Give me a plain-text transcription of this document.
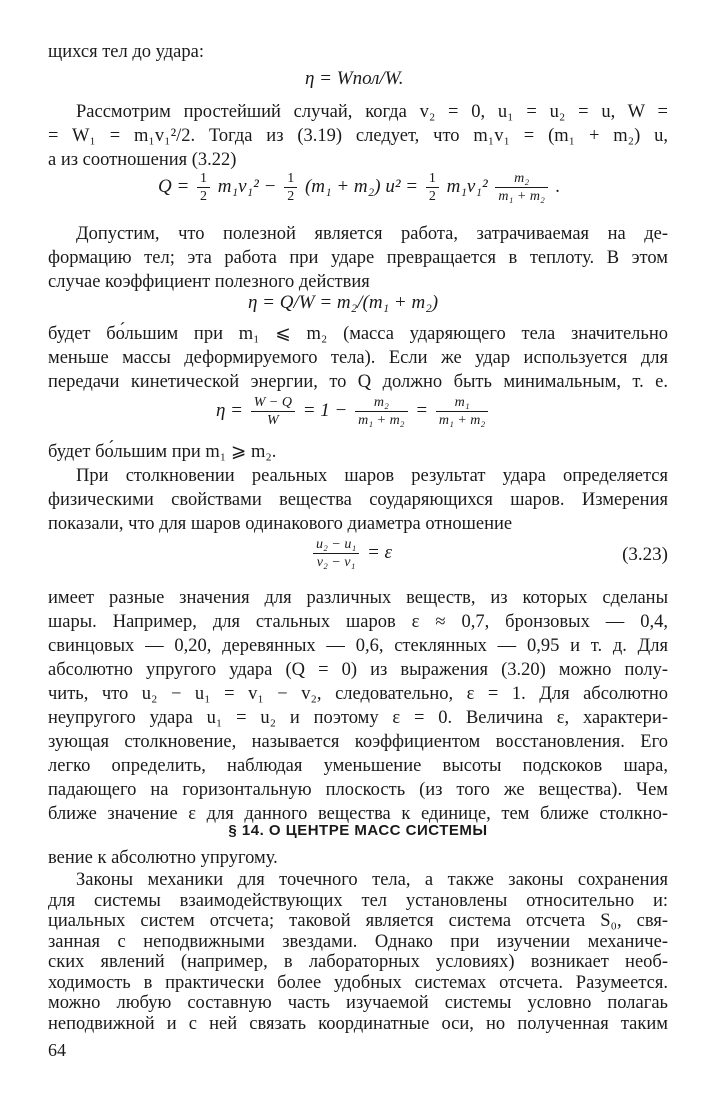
щихся тел до удара:
η = Wпол/W.
Рассмотрим простейший случай, когда v₂ = 0, u₁ = u₂ = u, W =
= W₁ = m₁v₁²/2. Тогда из (3.19) следует, что m₁v₁ = (m₁ + m₂) u,
а из соотношения (3.22)
$Q = \frac{1}{2} m_1v_1^2 - \frac{1}{2} (m_1 + m_2) u^2 = \frac{1}{2} m_1v_1^2 \frac{\text{m₂}}{\text{m₁ + m₂}}$ .
Допустим, что полезной является работа, затрачиваемая на де-
формацию тел; эта работа при ударе превращается в теплоту. В этом
случае коэффициент полезного действия
η = Q/W = m₂/(m₁ + m₂)
будет бо́льшим при m₁ ⩽ m₂ (масса ударяющего тела значительно
меньше массы деформируемого тела). Если же удар используется для
передачи кинетической энергии, то Q должно быть минимальным, т. е.
$\eta = \frac{W - Q}{W} = 1 - \frac{\text{m₂}}{\text{m₁ + m₂}} = \frac{\text{m₁}}{\text{m₁ + m₂}}$
будет бо́льшим при m₁ ⩾ m₂.
При столкновении реальных шаров результат удара определяется
физическими свойствами вещества соударяющихся шаров. Измерения
показали, что для шаров одинакового диаметра отношение
$\frac{\text{u₂ − u₁}}{\text{v₂ − v₁}} = \varepsilon$	(3.23)
имеет разные значения для различных веществ, из которых сделаны
шары. Например, для стальных шаров ε ≈ 0,7, бронзовых — 0,4,
свинцовых — 0,20, деревянных — 0,6, стеклянных — 0,95 и т. д. Для
абсолютно упругого удара (Q = 0) из выражения (3.20) можно полу-
чить, что u₂ − u₁ = v₁ − v₂, следовательно, ε = 1. Для абсолютно
неупругого удара u₁ = u₂ и поэтому ε = 0. Величина ε, характери-
зующая столкновение, называется коэффициентом восстановления. Его
легко определить, наблюдая уменьшение высоты подскоков шара,
падающего на горизонтальную плоскость (из того же вещества). Чем
ближе значение ε для данного вещества к единице, тем ближе столкно-
§ 14. О ЦЕНТРЕ МАСС СИСТЕМЫ
вение к абсолютно упругому.
Законы механики для точечного тела, а также законы сохранения
для системы взаимодействующих тел установлены относительно и:
циальных систем отсчета; таковой является система отсчета S₀, свя-
занная с неподвижными звездами. Однако при изучении механиче-
ских явлений (например, в лабораторных условиях) возникает необ-
ходимость в практически более удобных системах отсчета. Разумеется.
64
можно любую составную часть изучаемой системы условно полагаь
неподвижной и с ней связать координатные оси, но полученная таким
